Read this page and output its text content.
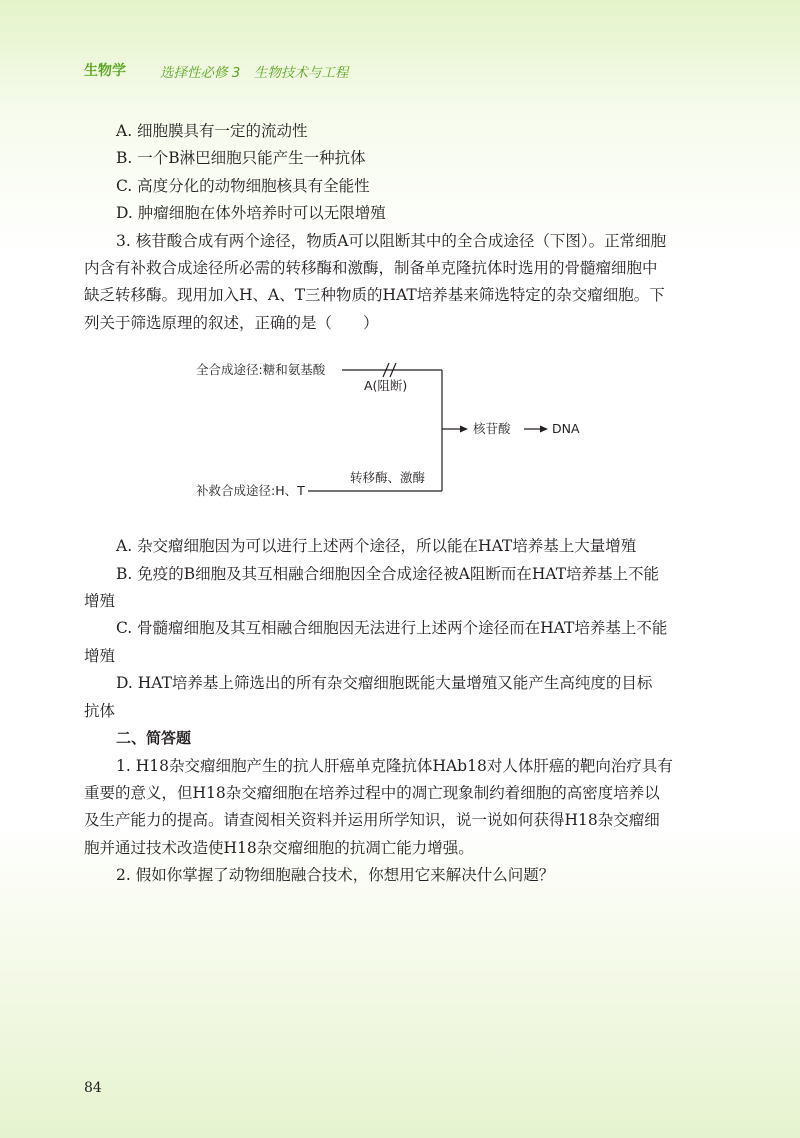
生物学	选择性必修 3　生物技术与工程
A. 细胞膜具有一定的流动性
B. 一个B淋巴细胞只能产生一种抗体
C. 高度分化的动物细胞核具有全能性
D. 肿瘤细胞在体外培养时可以无限增殖
3. 核苷酸合成有两个途径，物质A可以阻断其中的全合成途径（下图）。正常细胞
内含有补救合成途径所必需的转移酶和激酶，制备单克隆抗体时选用的骨髓瘤细胞中
缺乏转移酶。现用加入H、A、T三种物质的HAT培养基来筛选特定的杂交瘤细胞。下
列关于筛选原理的叙述，正确的是（　　）
A. 杂交瘤细胞因为可以进行上述两个途径，所以能在HAT培养基上大量增殖
B. 免疫的B细胞及其互相融合细胞因全合成途径被A阻断而在HAT培养基上不能
增殖
C. 骨髓瘤细胞及其互相融合细胞因无法进行上述两个途径而在HAT培养基上不能
增殖
D. HAT培养基上筛选出的所有杂交瘤细胞既能大量增殖又能产生高纯度的目标
抗体
二、简答题
1. H18杂交瘤细胞产生的抗人肝癌单克隆抗体HAb18对人体肝癌的靶向治疗具有
重要的意义，但H18杂交瘤细胞在培养过程中的凋亡现象制约着细胞的高密度培养以
及生产能力的提高。请查阅相关资料并运用所学知识，说一说如何获得H18杂交瘤细
胞并通过技术改造使H18杂交瘤细胞的抗凋亡能力增强。
2. 假如你掌握了动物细胞融合技术，你想用它来解决什么问题？
全合成途径:糖和氨基酸
A(阻断)
补救合成途径:H、T
转移酶、激酶
核苷酸	DNA
84
